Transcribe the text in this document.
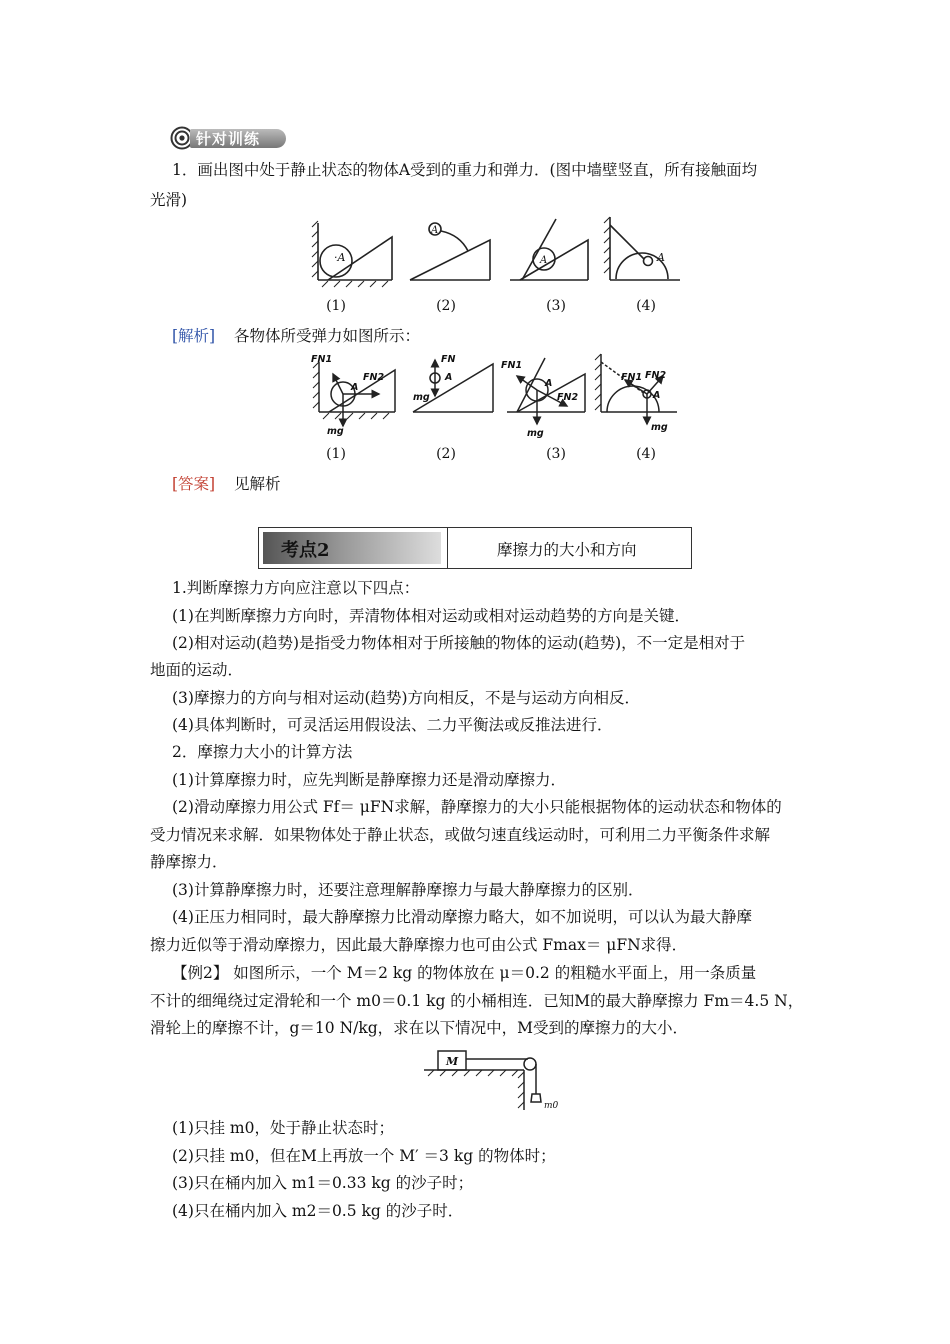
针对训练
1．画出图中处于静止状态的物体A受到的重力和弹力．(图中墙壁竖直，所有接触面均
光滑)
·A
A
A	A
(1)	(2)	(3)	(4)
[解析] 各物体所受弹力如图所示：
FN1
FN2
A
mg
FN
A
mg
FN1
A
FN2
mg
FN1 FN2
A
mg
(1)	(2)	(3)	(4)
[答案] 见解析
考点2	摩擦力的大小和方向
1.判断摩擦力方向应注意以下四点：
(1)在判断摩擦力方向时，弄清物体相对运动或相对运动趋势的方向是关键．
(2)相对运动(趋势)是指受力物体相对于所接触的物体的运动(趋势)，不一定是相对于
地面的运动．
(3)摩擦力的方向与相对运动(趋势)方向相反，不是与运动方向相反．
(4)具体判断时，可灵活运用假设法、二力平衡法或反推法进行．
2．摩擦力大小的计算方法
(1)计算摩擦力时，应先判断是静摩擦力还是滑动摩擦力．
(2)滑动摩擦力用公式 Ff＝ μFN求解，静摩擦力的大小只能根据物体的运动状态和物体的
受力情况来求解．如果物体处于静止状态，或做匀速直线运动时，可利用二力平衡条件求解
静摩擦力．
(3)计算静摩擦力时，还要注意理解静摩擦力与最大静摩擦力的区别．
(4)正压力相同时，最大静摩擦力比滑动摩擦力略大，如不加说明，可以认为最大静摩
擦力近似等于滑动摩擦力，因此最大静摩擦力也可由公式 Fmax＝ μFN求得．
【例2】 如图所示，一个 M＝2 kg 的物体放在 μ＝0.2 的粗糙水平面上，用一条质量
不计的细绳绕过定滑轮和一个 m0＝0.1 kg 的小桶相连．已知M的最大静摩擦力 Fm＝4.5 N，
滑轮上的摩擦不计，g＝10 N/kg，求在以下情况中，M受到的摩擦力的大小．
M
m0
(1)只挂 m0，处于静止状态时；
(2)只挂 m0，但在M上再放一个 M′ ＝3 kg 的物体时；
(3)只在桶内加入 m1＝0.33 kg 的沙子时；
(4)只在桶内加入 m2＝0.5 kg 的沙子时．
